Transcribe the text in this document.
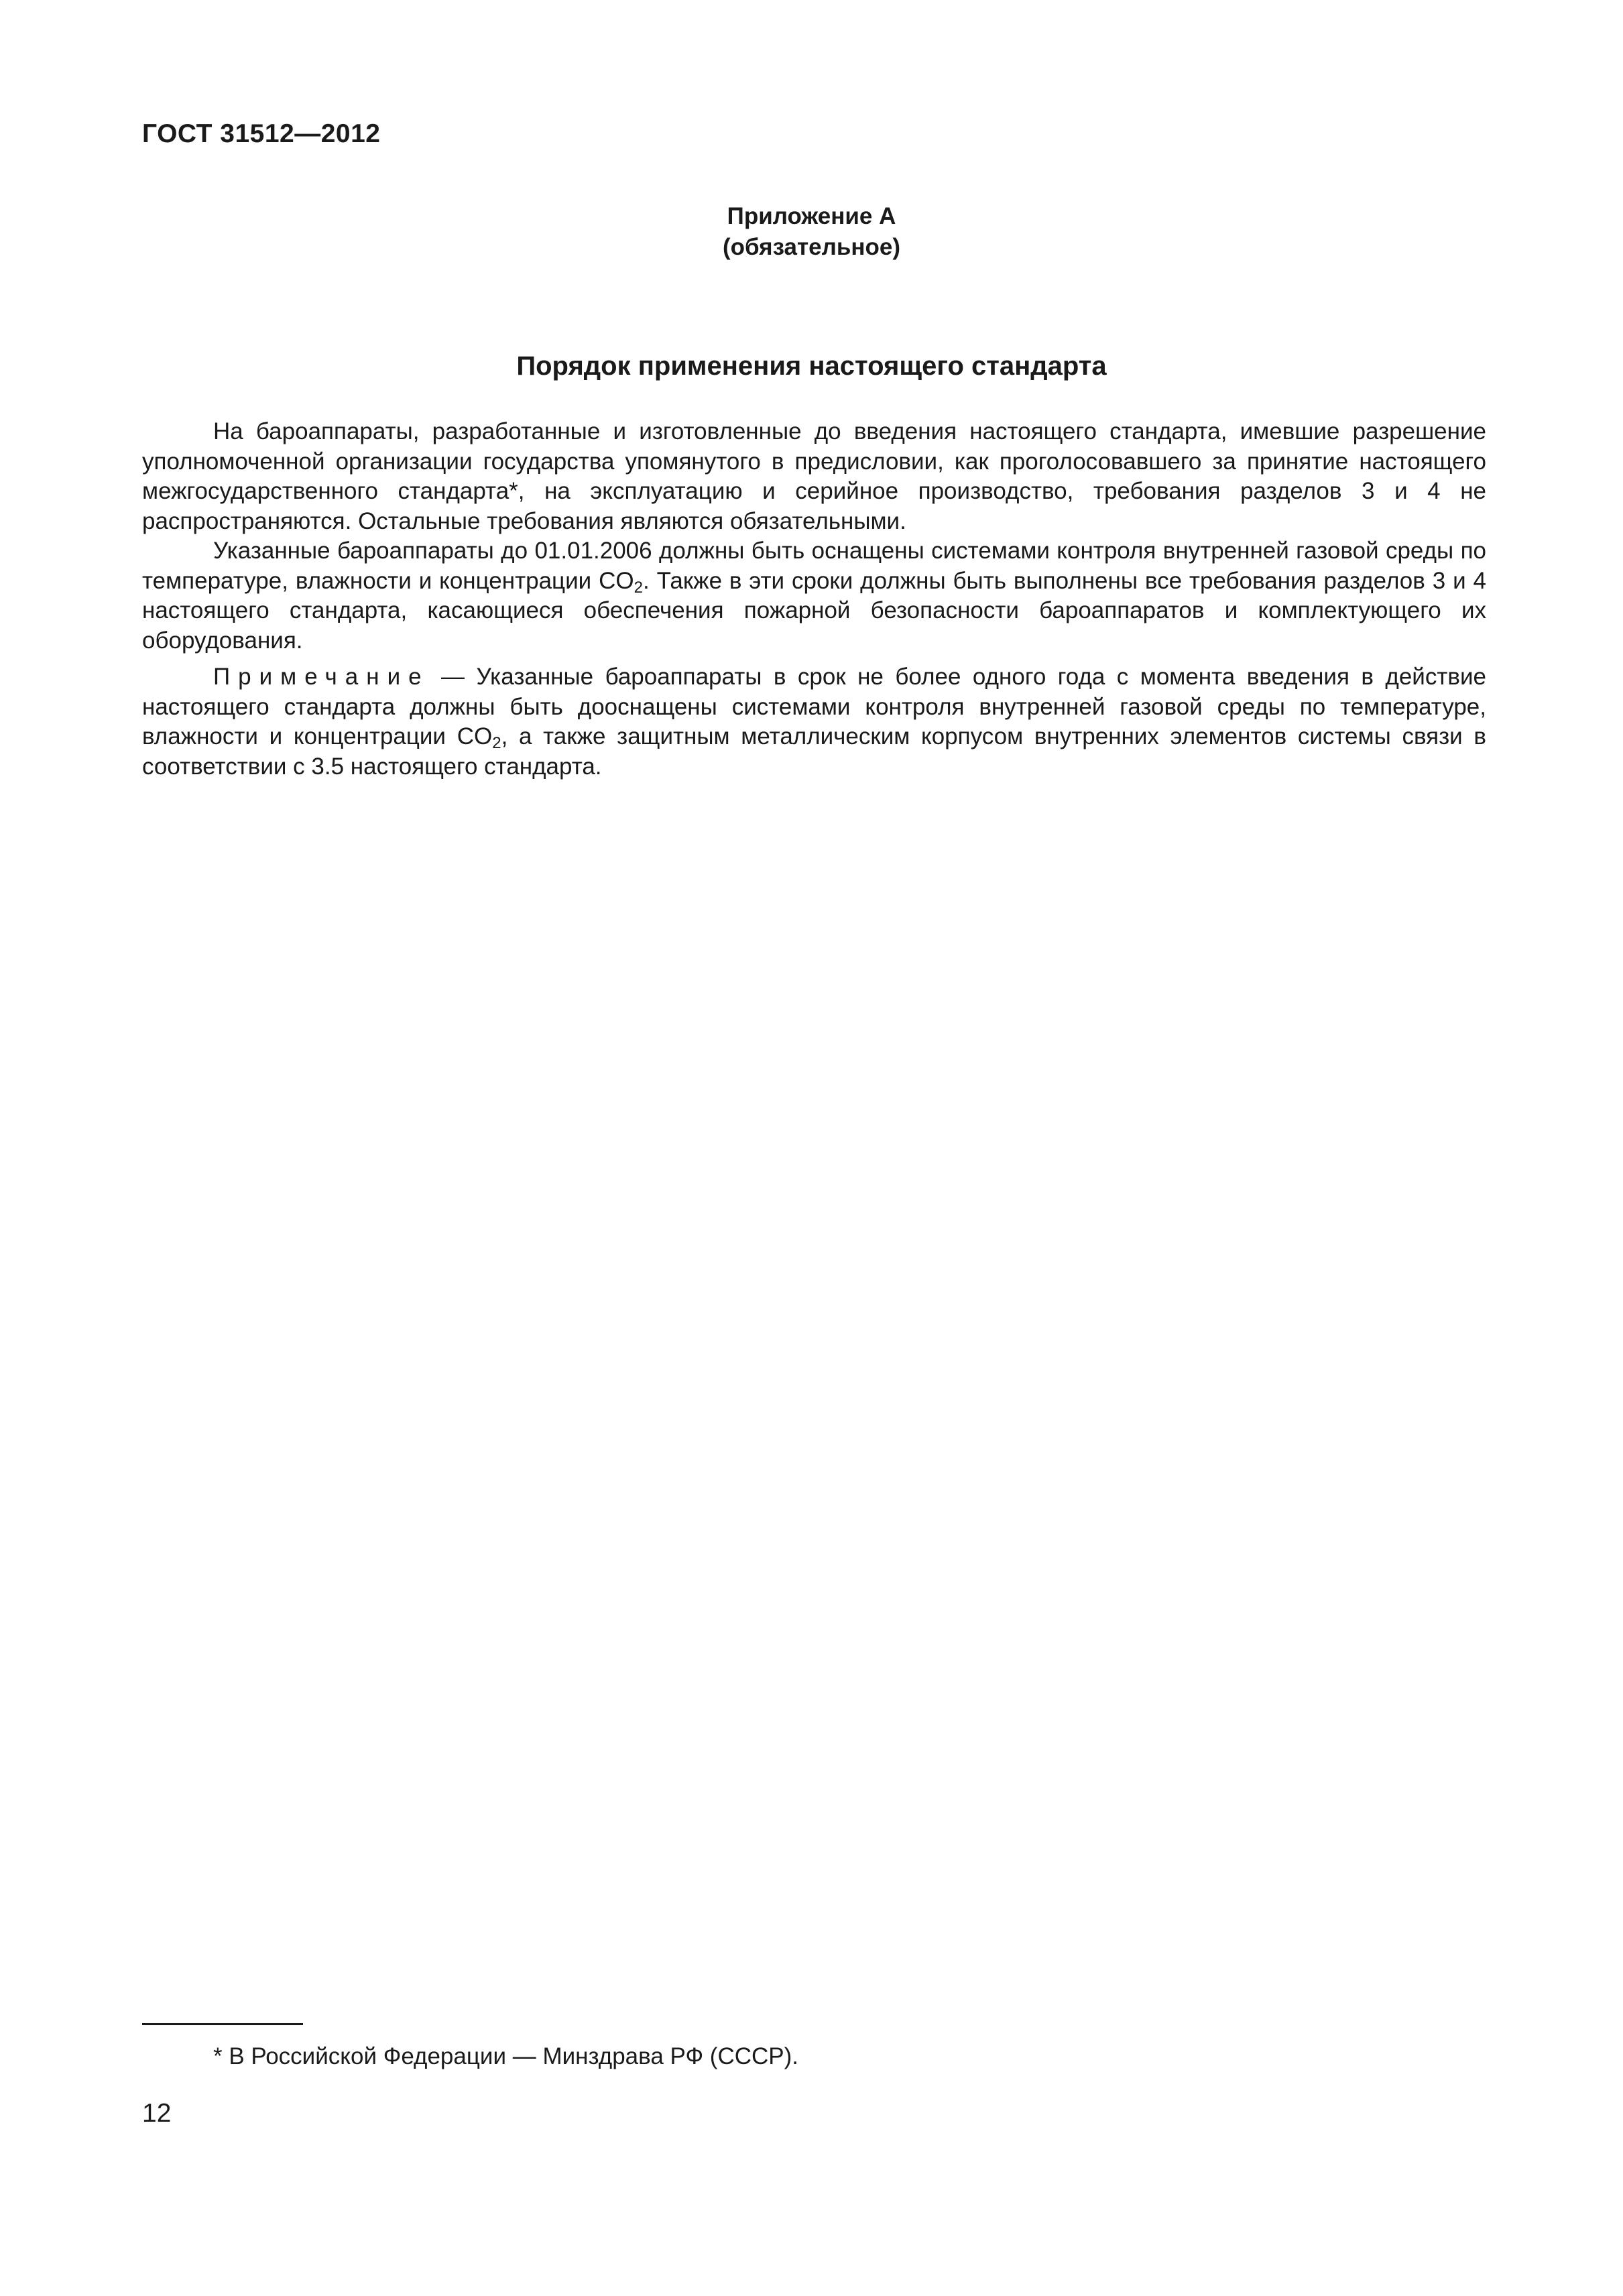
ГОСТ 31512—2012
Приложение А
(обязательное)
Порядок применения настоящего стандарта

На бароаппараты, разработанные и изготовленные до введения настоящего стандарта, имевшие разрешение уполномоченной организации государства упомянутого в предисловии, как проголосовавшего за принятие настоящего межгосударственного стандарта*, на эксплуатацию и серийное производство, требования разделов 3 и 4 не распространяются. Остальные требования являются обязательными.

Указанные бароаппараты до 01.01.2006 должны быть оснащены системами контроля внутренней газовой среды по температуре, влажности и концентрации $CO_2$. Также в эти сроки должны быть выполнены все требования разделов 3 и 4 настоящего стандарта, касающиеся обеспечения пожарной безопасности бароаппаратов и комплектующего их оборудования.

Примечание — Указанные бароаппараты в срок не более одного года с момента введения в действие настоящего стандарта должны быть дооснащены системами контроля внутренней газовой среды по температуре, влажности и концентрации $CO_2$, а также защитным металлическим корпусом внутренних элементов системы связи в соответствии с 3.5 настоящего стандарта.

* В Российской Федерации — Минздрава РФ (СССР).
12
